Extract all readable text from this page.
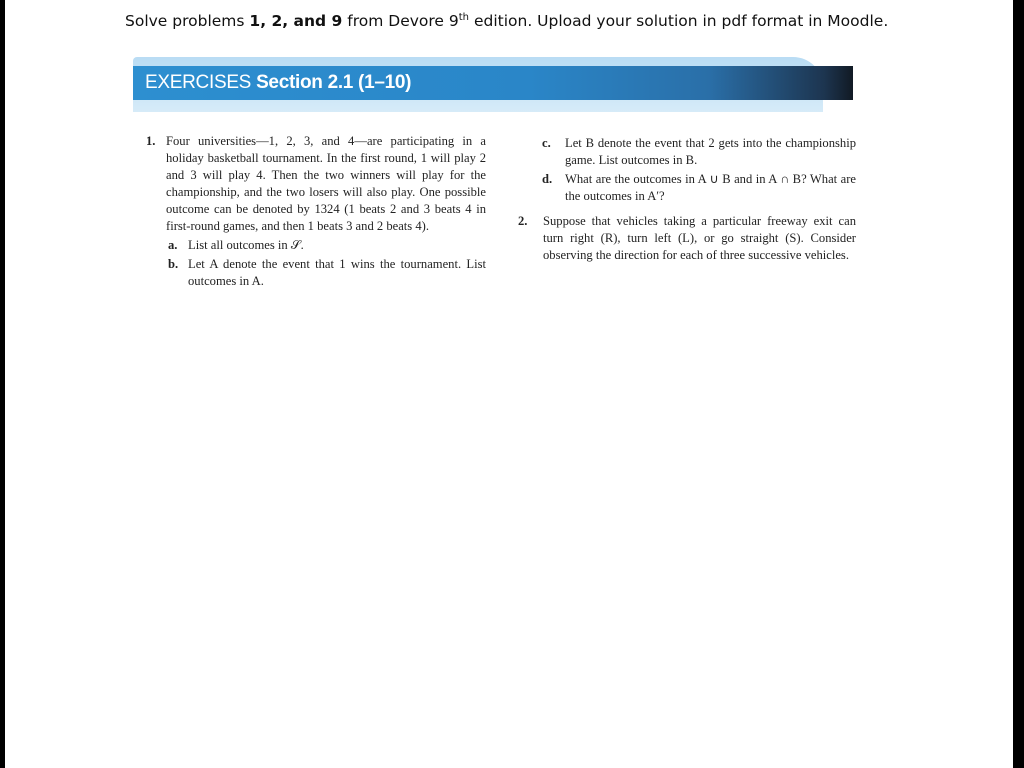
Solve problems 1, 2, and 9 from Devore 9th edition. Upload your solution in pdf format in Moodle.
EXERCISES Section 2.1 (1–10)
1. Four universities—1, 2, 3, and 4—are participating in a holiday basketball tournament. In the first round, 1 will play 2 and 3 will play 4. Then the two winners will play for the championship, and the two losers will also play. One possible outcome can be denoted by 1324 (1 beats 2 and 3 beats 4 in first-round games, and then 1 beats 3 and 2 beats 4).
a. List all outcomes in 𝒮.
b. Let A denote the event that 1 wins the tournament. List outcomes in A.
c. Let B denote the event that 2 gets into the championship game. List outcomes in B.
d. What are the outcomes in A ∪ B and in A ∩ B? What are the outcomes in A′?
2. Suppose that vehicles taking a particular freeway exit can turn right (R), turn left (L), or go straight (S). Consider observing the direction for each of three successive vehicles.
